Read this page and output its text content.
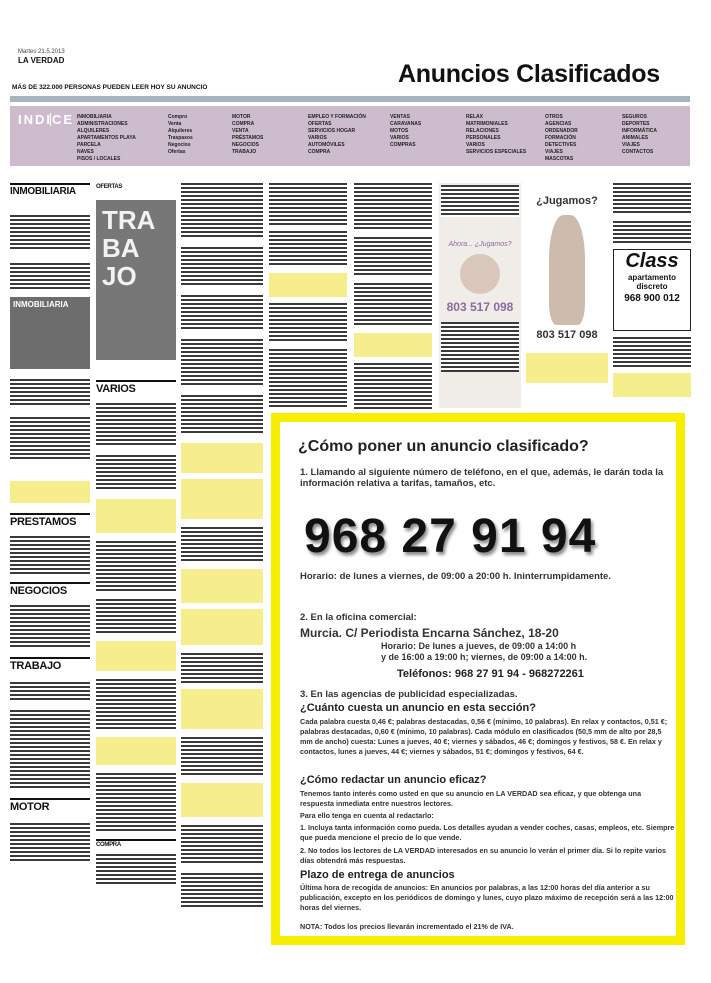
Martes 21.5.2013
LA VERDAD	Anuncios Clasificados
MÁS DE 322.000 PERSONAS PUEDEN LEER HOY SU ANUNCIO
INDICE INMOBILIARIA
ADMINISTRACIONES
ALQUILERES
APARTAMENTOS PLAYA
PARCELA
NAVES
PISOS / LOCALES
Compro
Venta
Alquileres
Traspasos
Negocios
Ofertas
MOTOR
COMPRA
VENTA
PRÉSTAMOS
NEGOCIOS
TRABAJO
EMPLEO Y FORMACIÓN
OFERTAS
SERVICIOS HOGAR
VARIOS
AUTOMÓVILES
COMPRA
VENTAS
CARAVANAS
MOTOS
VARIOS
COMPRAS
RELAX
MATRIMONIALES
RELACIONES
PERSONALES
VARIOS
SERVICIOS ESPECIALES
OTROS
AGENCIAS
ORDENADOR
FORMACIÓN
DETECTIVES
VIAJES
MASCOTAS
SEGUROS
DEPORTES
INFORMÁTICA
ANIMALES
VIAJES
CONTACTOS
INMOBILIARIA
INMOBILIARIA
PRESTAMOS
NEGOCIOS
TRABAJO
MOTOR
OFERTAS
TRA BA JO
VARIOS
COMPRA
Ahora... ¿Jugamos?
803 517 098
¿Jugamos?
803 517 098
Class
apartamento discreto
968 900 012
¿Cómo poner un anuncio clasificado?
1. Llamando al siguiente número de teléfono, en el que, además, le darán toda la información relativa a tarifas, tamaños, etc.
968 27 91 94
Horario: de lunes a viernes, de 09:00 a 20:00 h. Ininterrumpidamente.
2. En la oficina comercial:
Murcia. C/ Periodista Encarna Sánchez, 18-20
Horario: De lunes a jueves, de 09:00 a 14:00 h
y de 16:00 a 19:00 h; viernes, de 09:00 a 14:00 h.
Teléfonos: 968 27 91 94 - 968272261
3. En las agencias de publicidad especializadas.
¿Cuánto cuesta un anuncio en esta sección?
Cada palabra cuesta 0,46 €; palabras destacadas, 0,56 € (mínimo, 10 palabras). En relax y contactos, 0,51 €; palabras destacadas, 0,60 € (mínimo, 10 palabras). Cada módulo en clasificados (50,5 mm de alto por 28,5 mm de ancho) cuesta: Lunes a jueves, 40 €; viernes y sábados, 46 €; domingos y festivos, 58 €. En relax y contactos, lunes a jueves, 44 €; viernes y sábados, 51 €; domingos y festivos, 64 €.
¿Cómo redactar un anuncio eficaz?
Tenemos tanto interés como usted en que su anuncio en LA VERDAD sea eficaz, y que obtenga una respuesta inmediata entre nuestros lectores.
Para ello tenga en cuenta al redactarlo:
1. Incluya tanta información como pueda. Los detalles ayudan a vender coches, casas, empleos, etc. Siempre que pueda mencione el precio de lo que vende.
2. No todos los lectores de LA VERDAD interesados en su anuncio lo verán el primer día. Si lo repite varios días obtendrá más respuestas.
Plazo de entrega de anuncios
Última hora de recogida de anuncios: En anuncios por palabras, a las 12:00 horas del día anterior a su publicación, excepto en los periódicos de domingo y lunes, cuyo plazo máximo de recepción será a las 12:00 horas del viernes.
NOTA: Todos los precios llevarán incrementado el 21% de IVA.
